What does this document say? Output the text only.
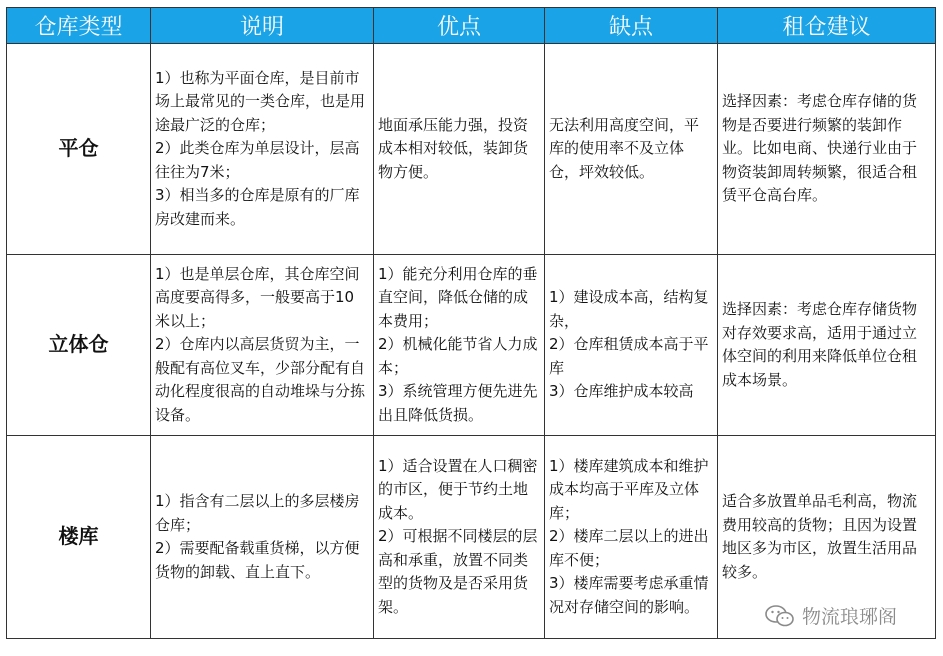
仓库类型	说明	优点	缺点	租仓建议
平仓	1）也称为平面仓库，是目前市场上最常见的一类仓库，也是用途最广泛的仓库；
2）此类仓库为单层设计，层高往往为7米；
3）相当多的仓库是原有的厂库房改建而来。	地面承压能力强，投资成本相对较低，装卸货物方便。	无法利用高度空间，平库的使用率不及立体仓，坪效较低。	选择因素：考虑仓库存储的货物是否要进行频繁的装卸作业。比如电商、快递行业由于物资装卸周转频繁，很适合租赁平仓高台库。

立体仓	1）也是单层仓库，其仓库空间高度要高得多，一般要高于10米以上；
2）仓库内以高层货贸为主，一般配有高位叉车，少部分配有自动化程度很高的自动堆垛与分拣设备。	1）能充分利用仓库的垂直空间，降低仓储的成本费用；
2）机械化能节省人力成本；
3）系统管理方便先进先出且降低货损。	1）建设成本高，结构复杂，
2）仓库租赁成本高于平库
3）仓库维护成本较高	选择因素：考虑仓库存储货物对存效要求高，适用于通过立体空间的利用来降低单位仓租成本场景。

楼库	1）指含有二层以上的多层楼房仓库；
2）需要配备载重货梯，以方便货物的卸载、直上直下。	1）适合设置在人口稠密的市区，便于节约土地成本。
2）可根据不同楼层的层高和承重，放置不同类型的货物及是否采用货架。	1）楼库建筑成本和维护成本均高于平库及立体库；
2）楼库二层以上的进出库不便；
3）楼库需要考虑承重情况对存储空间的影响。	适合多放置单品毛利高，物流费用较高的货物；且因为设置地区多为市区，放置生活用品较多。
物流琅琊阁
